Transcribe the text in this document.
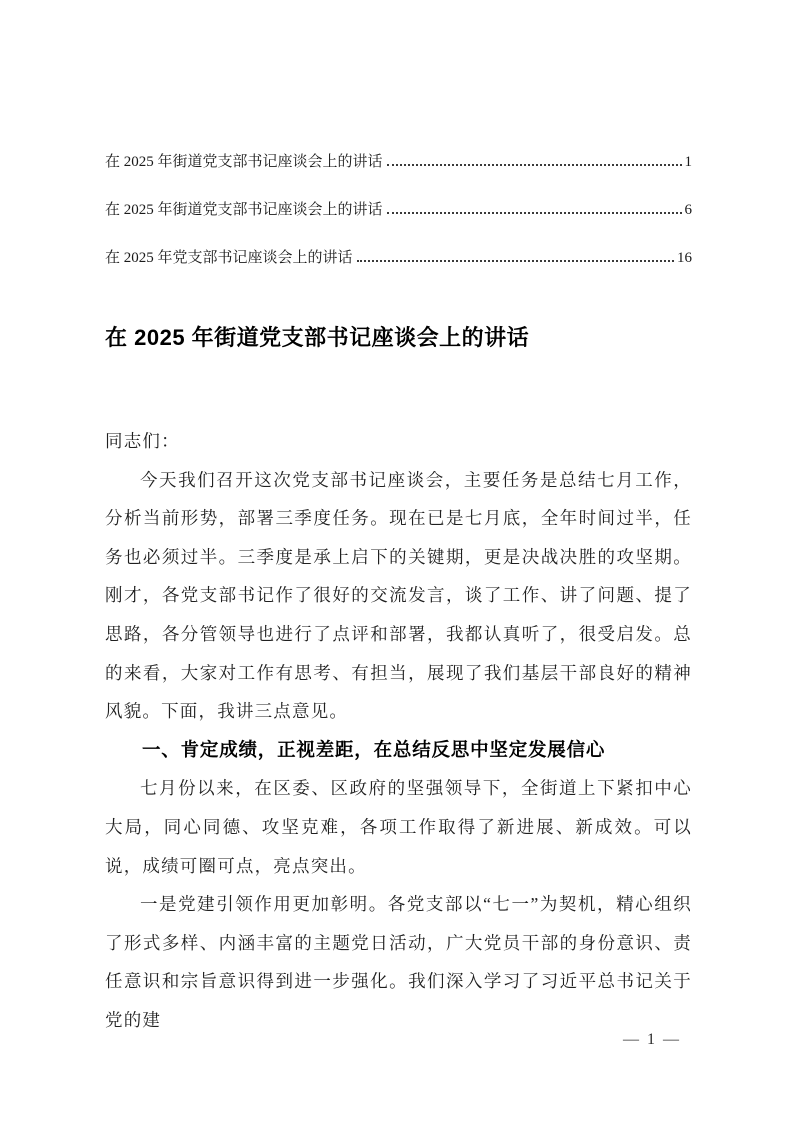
在 2025 年街道党支部书记座谈会上的讲话	1
在 2025 年街道党支部书记座谈会上的讲话	6
在 2025 年党支部书记座谈会上的讲话	16
在 2025 年街道党支部书记座谈会上的讲话

同志们：

今天我们召开这次党支部书记座谈会，主要任务是总结七月工作，分析当前形势，部署三季度任务。现在已是七月底，全年时间过半，任务也必须过半。三季度是承上启下的关键期，更是决战决胜的攻坚期。刚才，各党支部书记作了很好的交流发言，谈了工作、讲了问题、提了思路，各分管领导也进行了点评和部署，我都认真听了，很受启发。总的来看，大家对工作有思考、有担当，展现了我们基层干部良好的精神风貌。下面，我讲三点意见。

一、肯定成绩，正视差距，在总结反思中坚定发展信心

七月份以来，在区委、区政府的坚强领导下，全街道上下紧扣中心大局，同心同德、攻坚克难，各项工作取得了新进展、新成效。可以说，成绩可圈可点，亮点突出。

一是党建引领作用更加彰明。各党支部以“七一”为契机，精心组织了形式多样、内涵丰富的主题党日活动，广大党员干部的身份意识、责任意识和宗旨意识得到进一步强化。我们深入学习了习近平总书记关于党的建

— 1 —
